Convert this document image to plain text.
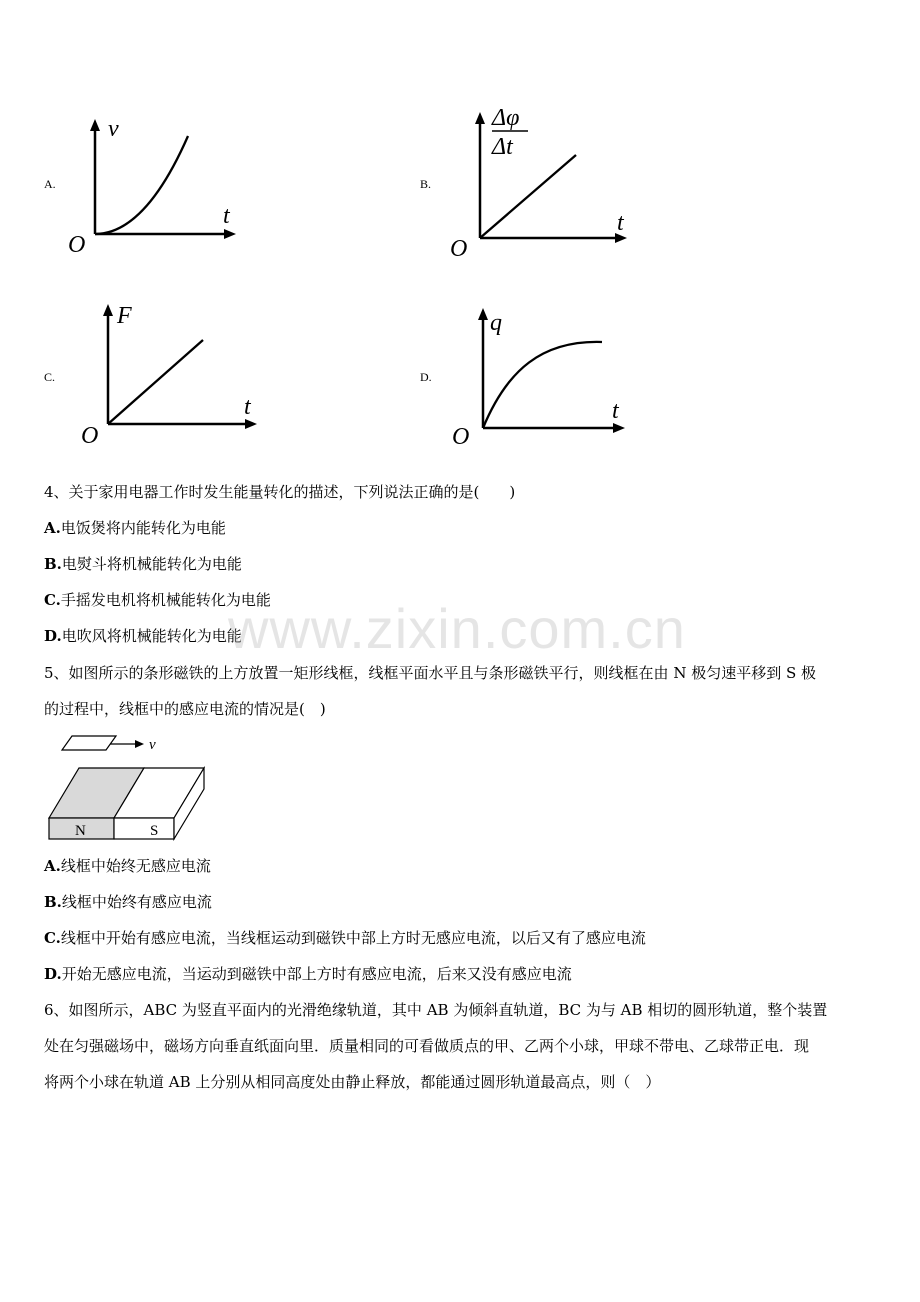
A.	B.
C.	D.
v
t
O
Δφ
Δt
t
O
F
t
O
q
t
O
4、关于家用电器工作时发生能量转化的描述，下列说法正确的是(　　)
A.电饭煲将内能转化为电能
B.电熨斗将机械能转化为电能
C.手摇发电机将机械能转化为电能
D.电吹风将机械能转化为电能
www.zixin.com.cn
5、如图所示的条形磁铁的上方放置一矩形线框，线框平面水平且与条形磁铁平行，则线框在由 N 极匀速平移到 S 极
的过程中，线框中的感应电流的情况是(　)
v
N	S
A.线框中始终无感应电流
B.线框中始终有感应电流
C.线框中开始有感应电流，当线框运动到磁铁中部上方时无感应电流，以后又有了感应电流
D.开始无感应电流，当运动到磁铁中部上方时有感应电流，后来又没有感应电流
6、如图所示，ABC 为竖直平面内的光滑绝缘轨道，其中 AB 为倾斜直轨道，BC 为与 AB 相切的圆形轨道，整个装置
处在匀强磁场中，磁场方向垂直纸面向里．质量相同的可看做质点的甲、乙两个小球，甲球不带电、乙球带正电．现
将两个小球在轨道 AB 上分别从相同高度处由静止释放，都能通过圆形轨道最高点，则（　）
